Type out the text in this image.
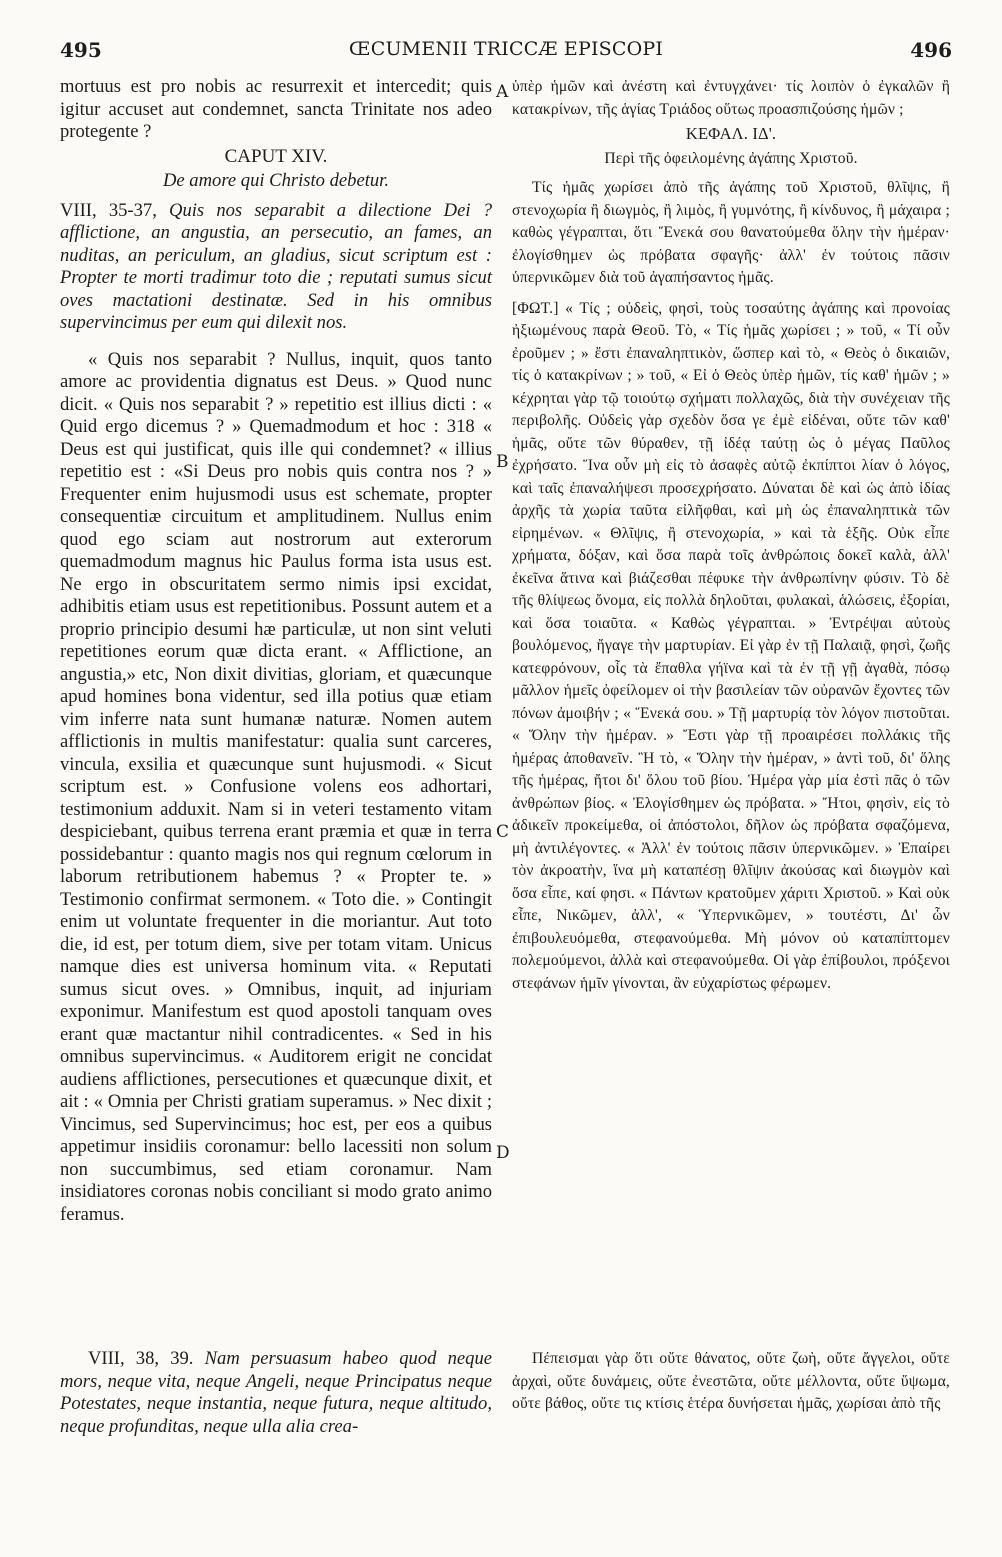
495	ŒCUMENII TRICCÆ EPISCOPI	496

mortuus est pro nobis ac resurrexit et intercedit; quis igitur accuset aut condemnet, sancta Trinitate nos adeo protegente ?

CAPUT XIV.

De amore qui Christo debetur.

VIII, 35-37, Quis nos separabit a dilectione Dei ? afflictione, an angustia, an persecutio, an fames, an nuditas, an periculum, an gladius, sicut scriptum est : Propter te morti tradimur toto die ; reputati sumus sicut oves mactationi destinatæ. Sed in his omnibus supervincimus per eum qui dilexit nos.

« Quis nos separabit ? Nullus, inquit, quos tanto amore ac providentia dignatus est Deus. » Quod nunc dicit. « Quis nos separabit ? » repetitio est illius dicti : « Quid ergo dicemus ? » Quemadmodum et hoc : 318 « Deus est qui justificat, quis ille qui condemnet? « illius repetitio est : «Si Deus pro nobis quis contra nos ? » Frequenter enim hujusmodi usus est schemate, propter consequentiæ circuitum et amplitudinem. Nullus enim quod ego sciam aut nostrorum aut exterorum quemadmodum magnus hic Paulus forma ista usus est. Ne ergo in obscuritatem sermo nimis ipsi excidat, adhibitis etiam usus est repetitionibus. Possunt autem et a proprio principio desumi hæ particulæ, ut non sint veluti repetitiones eorum quæ dicta erant. « Afflictione, an angustia,» etc, Non dixit divitias, gloriam, et quæcunque apud homines bona videntur, sed illa potius quæ etiam vim inferre nata sunt humanæ naturæ. Nomen autem afflictionis in multis manifestatur: qualia sunt carceres, vincula, exsilia et quæcunque sunt hujusmodi. « Sicut scriptum est. » Confusione volens eos adhortari, testimonium adduxit. Nam si in veteri testamento vitam despiciebant, quibus terrena erant præmia et quæ in terra possidebantur : quanto magis nos qui regnum cœlorum in laborum retributionem habemus ? « Propter te. » Testimonio confirmat sermonem. « Toto die. » Contingit enim ut voluntate frequenter in die moriantur. Aut toto die, id est, per totum diem, sive per totam vitam. Unicus namque dies est universa hominum vita. « Reputati sumus sicut oves. » Omnibus, inquit, ad injuriam exponimur. Manifestum est quod apostoli tanquam oves erant quæ mactantur nihil contradicentes. « Sed in his omnibus supervincimus. « Auditorem erigit ne concidat audiens afflictiones, persecutiones et quæcunque dixit, et ait : « Omnia per Christi gratiam superamus. » Nec dixit ; Vincimus, sed Supervincimus; hoc est, per eos a quibus appetimur insidiis coronamur: bello lacessiti non solum non succumbimus, sed etiam coronamur. Nam insidiatores coronas nobis conciliant si modo grato animo feramus.

ὑπὲρ ἡμῶν καὶ ἀνέστη καὶ ἐντυγχάνει· τίς λοιπὸν ὁ ἐγκαλῶν ἢ κατακρίνων, τῆς ἁγίας Τριάδος οὕτως προασπιζούσης ἡμῶν ;

ΚΕΦΑΛ. ΙΔ'.

Περὶ τῆς ὀφειλομένης ἀγάπης Χριστοῦ.

Τίς ἡμᾶς χωρίσει ἀπὸ τῆς ἀγάπης τοῦ Χριστοῦ, θλῖψις, ἢ στενοχωρία ἢ διωγμὸς, ἢ λιμὸς, ἢ γυμνότης, ἢ κίνδυνος, ἢ μάχαιρα ; καθὼς γέγραπται, ὅτι Ἕνεκά σου θανατούμεθα ὅλην τὴν ἡμέραν· ἐλογίσθημεν ὡς πρόβατα σφαγῆς· ἀλλ' ἐν τούτοις πᾶσιν ὑπερνικῶμεν διὰ τοῦ ἀγαπήσαντος ἡμᾶς.

[ΦΩΤ.] « Τίς ; οὐδεὶς, φησὶ, τοὺς τοσαύτης ἀγάπης καὶ προνοίας ἠξιωμένους παρὰ Θεοῦ. Τὸ, « Τίς ἡμᾶς χωρίσει ; » τοῦ, « Τί οὖν ἐροῦμεν ; » ἔστι ἐπαναληπτικὸν, ὥσπερ καὶ τὸ, « Θεὸς ὁ δικαιῶν, τίς ὁ κατακρίνων ; » τοῦ, « Εἰ ὁ Θεὸς ὑπὲρ ἡμῶν, τίς καθ' ἡμῶν ; » κέχρηται γὰρ τῷ τοιούτῳ σχήματι πολλαχῶς, διὰ τὴν συνέχειαν τῆς περιβολῆς. Οὐδεὶς γὰρ σχεδὸν ὅσα γε ἐμὲ εἰδέναι, οὔτε τῶν καθ' ἡμᾶς, οὔτε τῶν θύραθεν, τῇ ἰδέᾳ ταύτῃ ὡς ὁ μέγας Παῦλος ἐχρήσατο. Ἵνα οὖν μὴ εἰς τὸ ἀσαφὲς αὐτῷ ἐκπίπτοι λίαν ὁ λόγος, καὶ ταῖς ἐπαναλήψεσι προσεχρήσατο. Δύναται δὲ καὶ ὡς ἀπὸ ἰδίας ἀρχῆς τὰ χωρία ταῦτα εἰλῆφθαι, καὶ μὴ ὡς ἐπαναληπτικὰ τῶν εἰρημένων. « Θλῖψις, ἢ στενοχωρία, » καὶ τὰ ἑξῆς. Οὐκ εἶπε χρήματα, δόξαν, καὶ ὅσα παρὰ τοῖς ἀνθρώποις δοκεῖ καλὰ, ἀλλ' ἐκεῖνα ἅτινα καὶ βιάζεσθαι πέφυκε τὴν ἀνθρωπίνην φύσιν. Τὸ δὲ τῆς θλίψεως ὄνομα, εἰς πολλὰ δηλοῦται, φυλακαὶ, ἁλώσεις, ἐξορίαι, καὶ ὅσα τοιαῦτα. « Καθὼς γέγραπται. » Ἐντρέψαι αὐτοὺς βουλόμενος, ἤγαγε τὴν μαρτυρίαν. Εἰ γὰρ ἐν τῇ Παλαιᾷ, φησὶ, ζωῆς κατεφρόνουν, οἷς τὰ ἔπαθλα γήϊνα καὶ τὰ ἐν τῇ γῇ ἀγαθὰ, πόσῳ μᾶλλον ἡμεῖς ὀφείλομεν οἱ τὴν βασιλείαν τῶν οὐρανῶν ἔχοντες τῶν πόνων ἀμοιβήν ; « Ἕνεκά σου. » Τῇ μαρτυρίᾳ τὸν λόγον πιστοῦται. « Ὅλην τὴν ἡμέραν. » Ἔστι γὰρ τῇ προαιρέσει πολλάκις τῆς ἡμέρας ἀποθανεῖν. Ἢ τὸ, « Ὅλην τὴν ἡμέραν, » ἀντὶ τοῦ, δι' ὅλης τῆς ἡμέρας, ἤτοι δι' ὅλου τοῦ βίου. Ἡμέρα γὰρ μία ἐστὶ πᾶς ὁ τῶν ἀνθρώπων βίος. « Ἐλογίσθημεν ὡς πρόβατα. » Ἤτοι, φησὶν, εἰς τὸ ἀδικεῖν προκείμεθα, οἱ ἀπόστολοι, δῆλον ὡς πρόβατα σφαζόμενα, μὴ ἀντιλέγοντες. « Ἀλλ' ἐν τούτοις πᾶσιν ὑπερνικῶμεν. » Ἐπαίρει τὸν ἀκροατὴν, ἵνα μὴ καταπέσῃ θλῖψιν ἀκούσας καὶ διωγμὸν καὶ ὅσα εἶπε, καί φησι. « Πάντων κρατοῦμεν χάριτι Χριστοῦ. » Καὶ οὐκ εἶπε, Νικῶμεν, ἀλλ', « Ὑπερνικῶμεν, » τουτέστι, Δι' ὧν ἐπιβουλευόμεθα, στεφανούμεθα. Μὴ μόνον οὐ καταπίπτομεν πολεμούμενοι, ἀλλὰ καὶ στεφανούμεθα. Οἱ γὰρ ἐπίβουλοι, πρόξενοι στεφάνων ἡμῖν γίνονται, ἂν εὐχαρίστως φέρωμεν.

A
B
C
D

VIII, 38, 39. Nam persuasum habeo quod neque mors, neque vita, neque Angeli, neque Principatus neque Potestates, neque instantia, neque futura, neque altitudo, neque profunditas, neque ulla alia crea-

Πέπεισμαι γὰρ ὅτι οὔτε θάνατος, οὔτε ζωὴ, οὔτε ἄγγελοι, οὔτε ἀρχαὶ, οὔτε δυνάμεις, οὔτε ἐνεστῶτα, οὔτε μέλλοντα, οὔτε ὕψωμα, οὔτε βάθος, οὔτε τις κτίσις ἑτέρα δυνήσεται ἡμᾶς, χωρίσαι ἀπὸ τῆς
